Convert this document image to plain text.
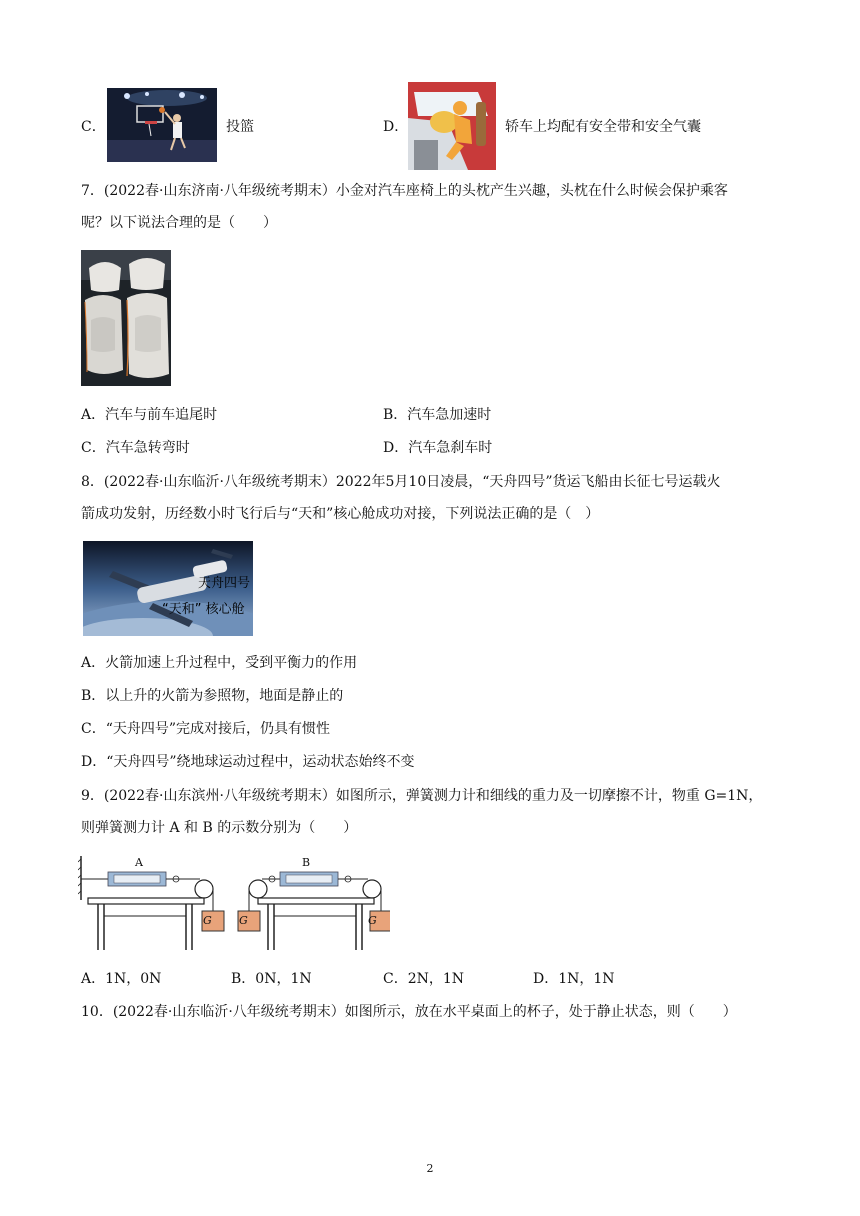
C．	投篮	D．	轿车上均配有安全带和安全气囊
7．(2022春·山东济南·八年级统考期末）小金对汽车座椅上的头枕产生兴趣，头枕在什么时候会保护乘客
呢？以下说法合理的是（　　）
A．汽车与前车追尾时	B．汽车急加速时
C．汽车急转弯时	D．汽车急刹车时
8．(2022春·山东临沂·八年级统考期末）2022年5月10日凌晨，“天舟四号”货运飞船由长征七号运载火
箭成功发射，历经数小时飞行后与“天和”核心舱成功对接，下列说法正确的是（　）
天舟四号
“天和” 核心舱
A．火箭加速上升过程中，受到平衡力的作用
B．以上升的火箭为参照物，地面是静止的
C．“天舟四号”完成对接后，仍具有惯性
D．“天舟四号”绕地球运动过程中，运动状态始终不变
9．(2022春·山东滨州·八年级统考期末）如图所示，弹簧测力计和细线的重力及一切摩擦不计，物重 G=1N，
则弹簧测力计 A 和 B 的示数分别为（　　）
A	B
G G	G
A．1N，0N	B．0N，1N	C．2N，1N	D．1N，1N
10．(2022春·山东临沂·八年级统考期末）如图所示，放在水平桌面上的杯子，处于静止状态，则（　　）
2
